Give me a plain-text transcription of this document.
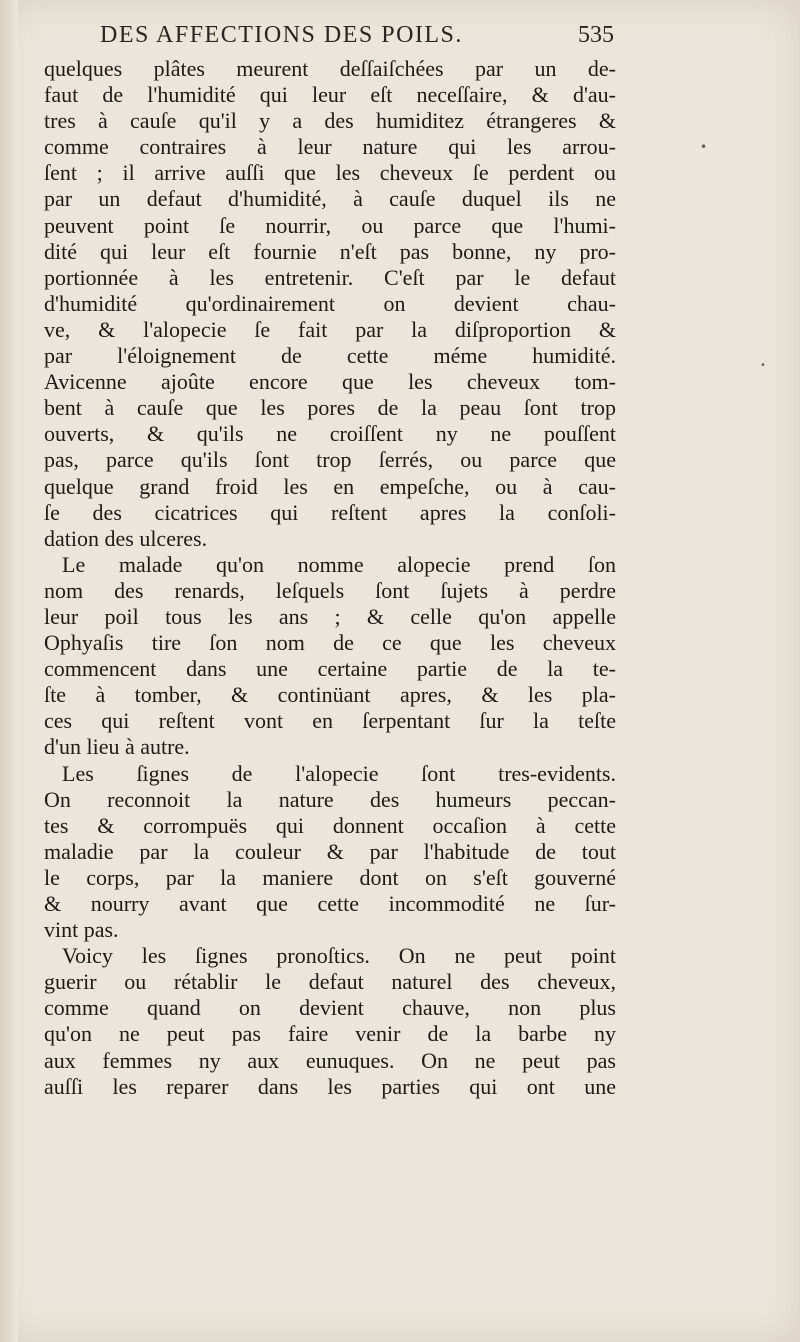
DES AFFECTIONS DES POILS.	535
quelques plâtes meurent deſſaiſchées par un de-
faut de l'humidité qui leur eſt neceſſaire, & d'au-
tres à cauſe qu'il y a des humiditez étrangeres &
comme contraires à leur nature qui les arrou-
ſent ; il arrive auſſi que les cheveux ſe perdent ou
par un defaut d'humidité, à cauſe duquel ils ne
peuvent point ſe nourrir, ou parce que l'humi-
dité qui leur eſt fournie n'eſt pas bonne, ny pro-
portionnée à les entretenir. C'eſt par le defaut
d'humidité qu'ordinairement on devient chau-
ve, & l'alopecie ſe fait par la diſproportion &
par l'éloignement de cette méme humidité.
Avicenne ajoûte encore que les cheveux tom-
bent à cauſe que les pores de la peau ſont trop
ouverts, & qu'ils ne croiſſent ny ne pouſſent
pas, parce qu'ils ſont trop ſerrés, ou parce que
quelque grand froid les en empeſche, ou à cau-
ſe des cicatrices qui reſtent apres la conſoli-
dation des ulceres.
Le malade qu'on nomme alopecie prend ſon
nom des renards, leſquels ſont ſujets à perdre
leur poil tous les ans ; & celle qu'on appelle
Ophyaſis tire ſon nom de ce que les cheveux
commencent dans une certaine partie de la te-
ſte à tomber, & continüant apres, & les pla-
ces qui reſtent vont en ſerpentant ſur la teſte
d'un lieu à autre.
Les ſignes de l'alopecie ſont tres-evidents.
On reconnoit la nature des humeurs peccan-
tes & corrompuës qui donnent occaſion à cette
maladie par la couleur & par l'habitude de tout
le corps, par la maniere dont on s'eſt gouverné
& nourry avant que cette incommodité ne ſur-
vint pas.
Voicy les ſignes pronoſtics. On ne peut point
guerir ou rétablir le defaut naturel des cheveux,
comme quand on devient chauve, non plus
qu'on ne peut pas faire venir de la barbe ny
aux femmes ny aux eunuques. On ne peut pas
auſſi les reparer dans les parties qui ont une
•
•
